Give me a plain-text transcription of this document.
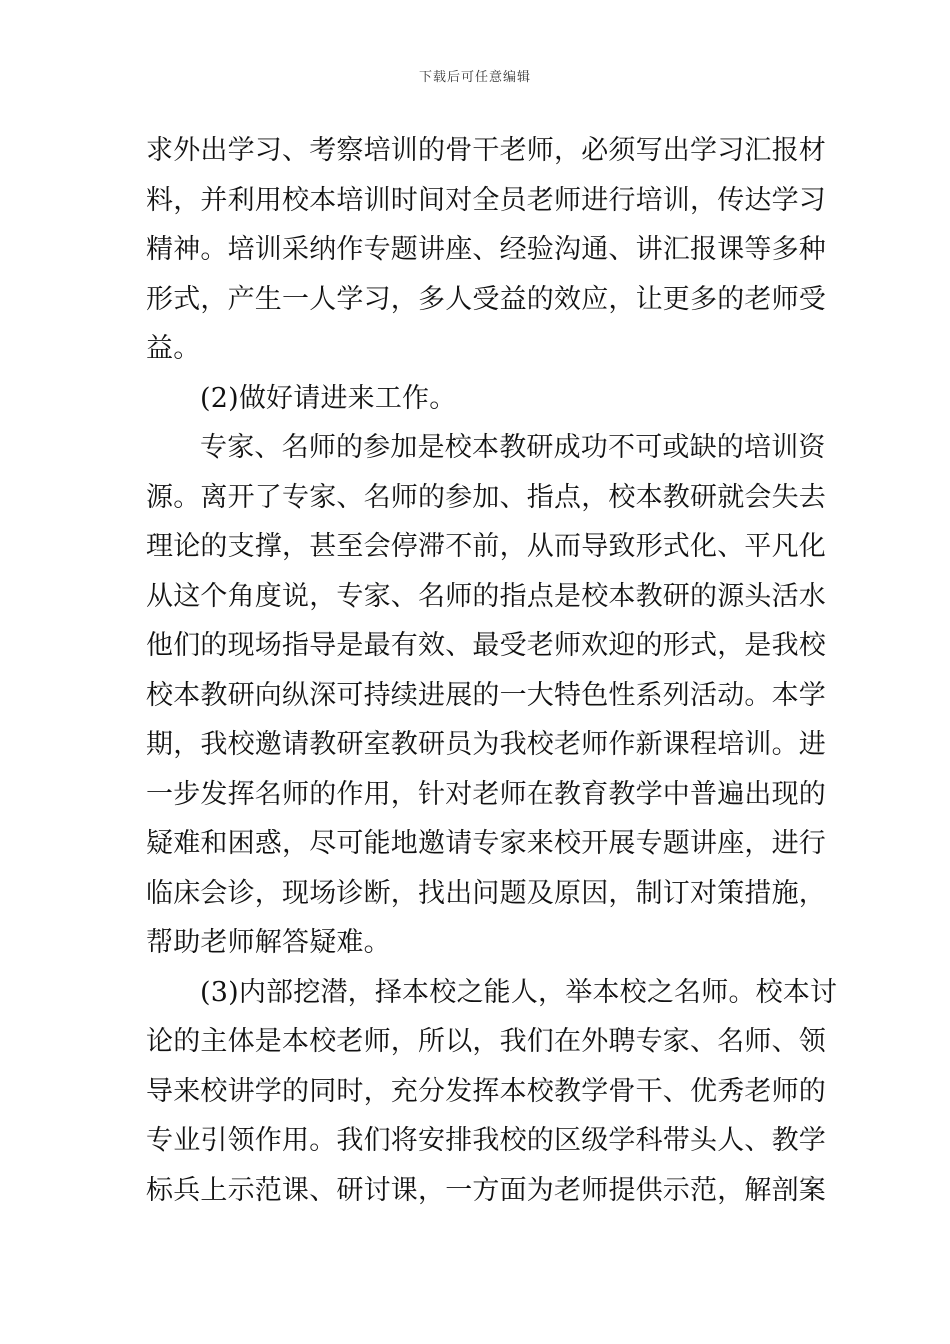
下载后可任意编辑
求外出学习、考察培训的骨干老师，必须写出学习汇报材
料，并利用校本培训时间对全员老师进行培训，传达学习
精神。培训采纳作专题讲座、经验沟通、讲汇报课等多种
形式，产生一人学习，多人受益的效应，让更多的老师受
益。
(2)做好请进来工作。
专家、名师的参加是校本教研成功不可或缺的培训资
源。离开了专家、名师的参加、指点，校本教研就会失去
理论的支撑，甚至会停滞不前，从而导致形式化、平凡化
从这个角度说，专家、名师的指点是校本教研的源头活水
他们的现场指导是最有效、最受老师欢迎的形式，是我校
校本教研向纵深可持续进展的一大特色性系列活动。本学
期，我校邀请教研室教研员为我校老师作新课程培训。进
一步发挥名师的作用，针对老师在教育教学中普遍出现的
疑难和困惑，尽可能地邀请专家来校开展专题讲座，进行
临床会诊，现场诊断，找出问题及原因，制订对策措施，
帮助老师解答疑难。
(3)内部挖潜，择本校之能人，举本校之名师。校本讨
论的主体是本校老师，所以，我们在外聘专家、名师、领
导来校讲学的同时，充分发挥本校教学骨干、优秀老师的
专业引领作用。我们将安排我校的区级学科带头人、教学
标兵上示范课、研讨课，一方面为老师提供示范，解剖案
